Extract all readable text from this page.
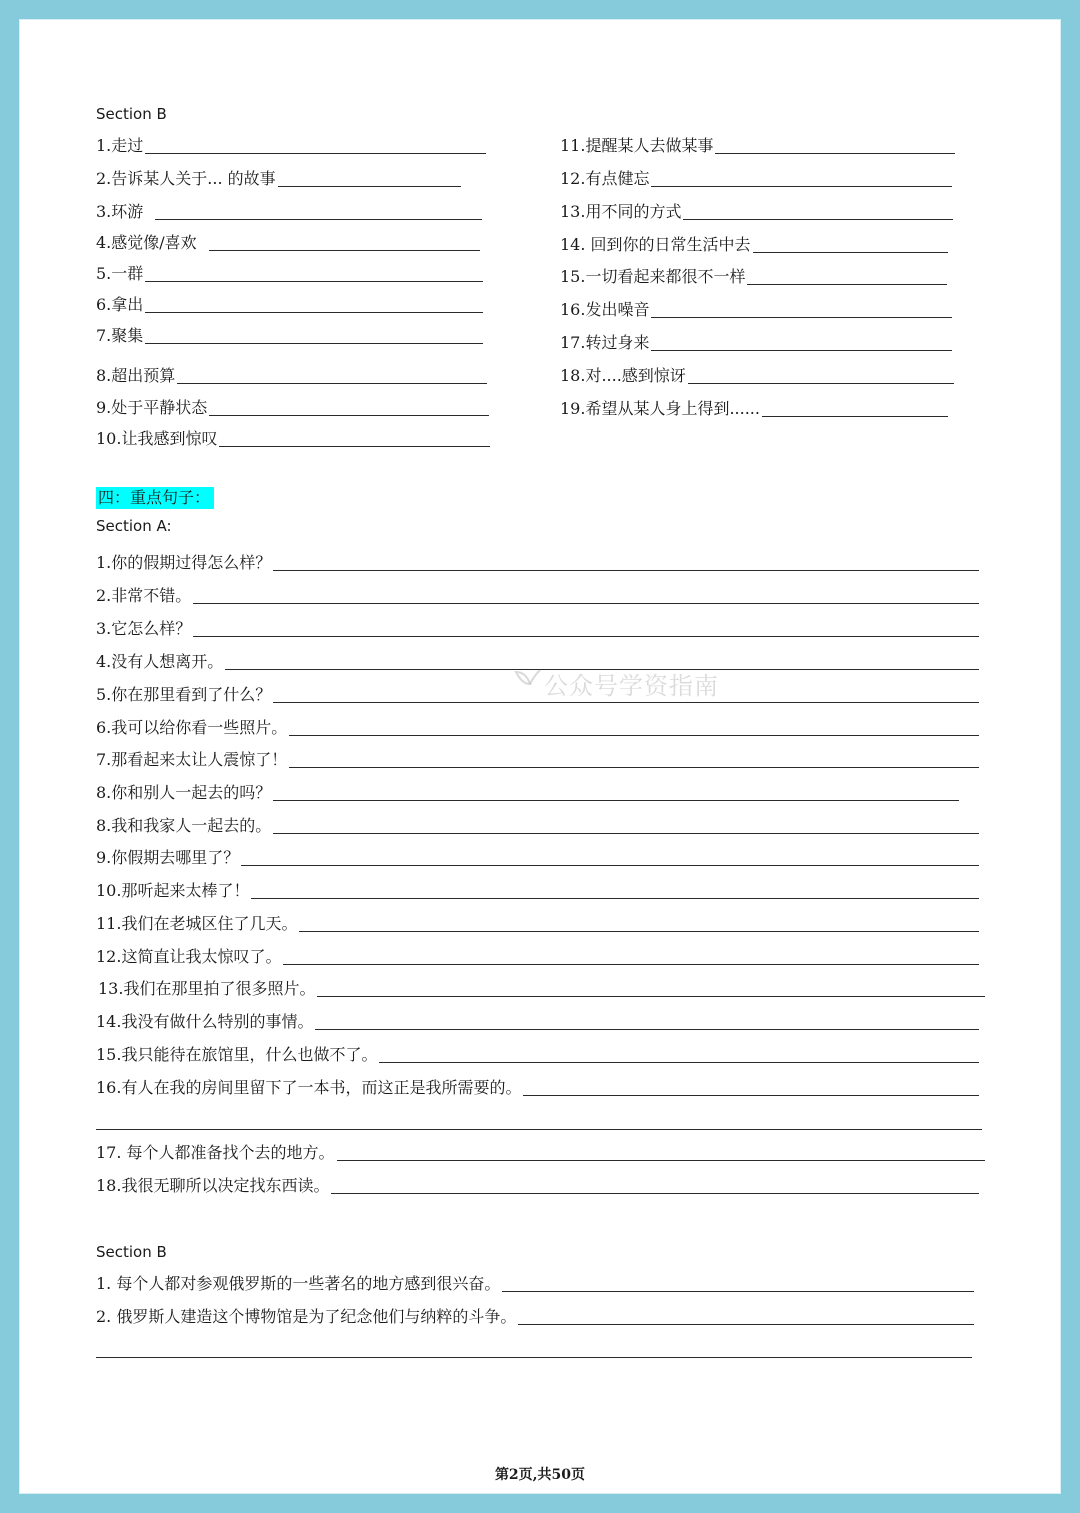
Section B
1.走过
2.告诉某人关于... 的故事
3.环游
4.感觉像/喜欢
5.一群
6.拿出
7.聚集
8.超出预算
9.处于平静状态
10.让我感到惊叹
11.提醒某人去做某事
12.有点健忘
13.用不同的方式
14. 回到你的日常生活中去
15.一切看起来都很不一样
16.发出噪音
17.转过身来
18.对....感到惊讶
19.希望从某人身上得到......
四：重点句子：
Section A:
1.你的假期过得怎么样？
2.非常不错。
3.它怎么样？
4.没有人想离开。
5.你在那里看到了什么？
6.我可以给你看一些照片。
7.那看起来太让人震惊了！
8.你和别人一起去的吗？
8.我和我家人一起去的。
9.你假期去哪里了？
10.那听起来太棒了！
11.我们在老城区住了几天。
12.这简直让我太惊叹了。
13.我们在那里拍了很多照片。
14.我没有做什么特别的事情。
15.我只能待在旅馆里，什么也做不了。
16.有人在我的房间里留下了一本书，而这正是我所需要的。
17. 每个人都准备找个去的地方。
18.我很无聊所以决定找东西读。
Section B
1. 每个人都对参观俄罗斯的一些著名的地方感到很兴奋。
2. 俄罗斯人建造这个博物馆是为了纪念他们与纳粹的斗争。
公众号学资指南
第2页,共50页
